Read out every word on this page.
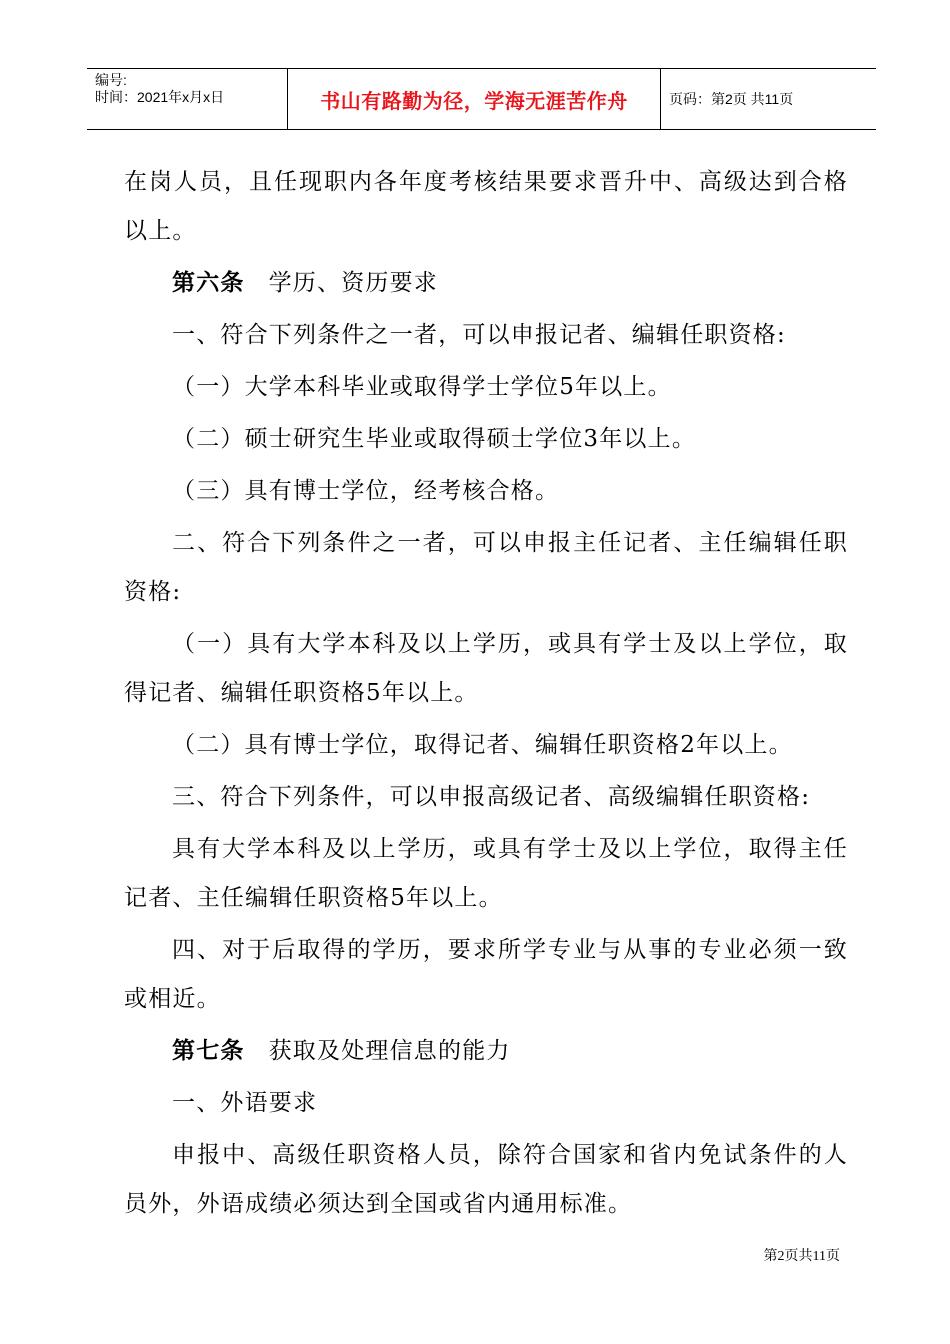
编号:
时间：2021年x月x日	书山有路勤为径，学海无涯苦作舟	页码：第2页 共11页

在岗人员，且任现职内各年度考核结果要求晋升中、高级达到合格以上。

第六条 学历、资历要求

一、符合下列条件之一者，可以申报记者、编辑任职资格:

（一）大学本科毕业或取得学士学位5年以上。

（二）硕士研究生毕业或取得硕士学位3年以上。

（三）具有博士学位，经考核合格。

二、符合下列条件之一者，可以申报主任记者、主任编辑任职资格:

（一）具有大学本科及以上学历，或具有学士及以上学位，取得记者、编辑任职资格5年以上。

（二）具有博士学位，取得记者、编辑任职资格2年以上。

三、符合下列条件，可以申报高级记者、高级编辑任职资格:

具有大学本科及以上学历，或具有学士及以上学位，取得主任记者、主任编辑任职资格5年以上。

四、对于后取得的学历，要求所学专业与从事的专业必须一致或相近。

第七条 获取及处理信息的能力

一、外语要求

申报中、高级任职资格人员，除符合国家和省内免试条件的人员外，外语成绩必须达到全国或省内通用标准。

第2页共11页
